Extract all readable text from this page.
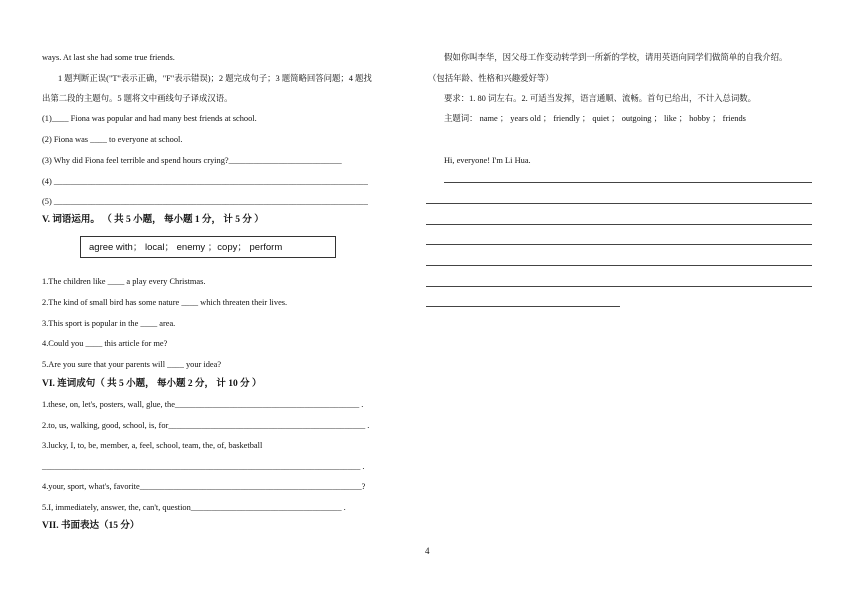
ways. At last she had some true friends.
1 题判断正误("T"表示正确，"F"表示错误)；2 题完成句子；3 题简略回答问题；4 题找
出第二段的主题句。5 题将文中画线句子译成汉语。
(1)____ Fiona was popular and had many best friends at school.
(2) Fiona was ____ to everyone at school.
(3) Why did Fiona feel terrible and spend hours crying?___________________________
(4) ___________________________________________________________________________
(5) ___________________________________________________________________________
V. 词语运用。 （ 共 5 小题， 每小题 1 分， 计 5 分 ）
agree with； local； enemy ；copy； perform
1.The children like ____ a play every Christmas.
2.The kind of small bird has some nature ____ which threaten their lives.
3.This sport is popular in the ____ area.
4.Could you ____ this article for me?
5.Are you sure that your parents will ____ your idea?
VI. 连词成句（ 共 5 小题， 每小题 2 分， 计 10 分 ）
1.these, on, let's, posters, wall, glue, the____________________________________________ .
2.to, us, walking, good, school, is, for_______________________________________________ .
3.lucky, I, to, be, member, a, feel, school, team, the, of, basketball
____________________________________________________________________________ .
4.your, sport, what's, favorite_____________________________________________________?
5.I, immediately, answer, the, can't, question____________________________________ .
VII. 书面表达（15 分）
假如你叫李华，因父母工作变动转学到一所新的学校，请用英语向同学们做简单的自我介绍。
（包括年龄、性格和兴趣爱好等）
要求：1. 80 词左右。2. 可适当发挥，语言通顺、流畅。首句已给出，不计入总词数。
主题词： name ； years old ； friendly ； quiet ； outgoing ； like ； hobby ； friends
Hi, everyone! I'm Li Hua.
4
